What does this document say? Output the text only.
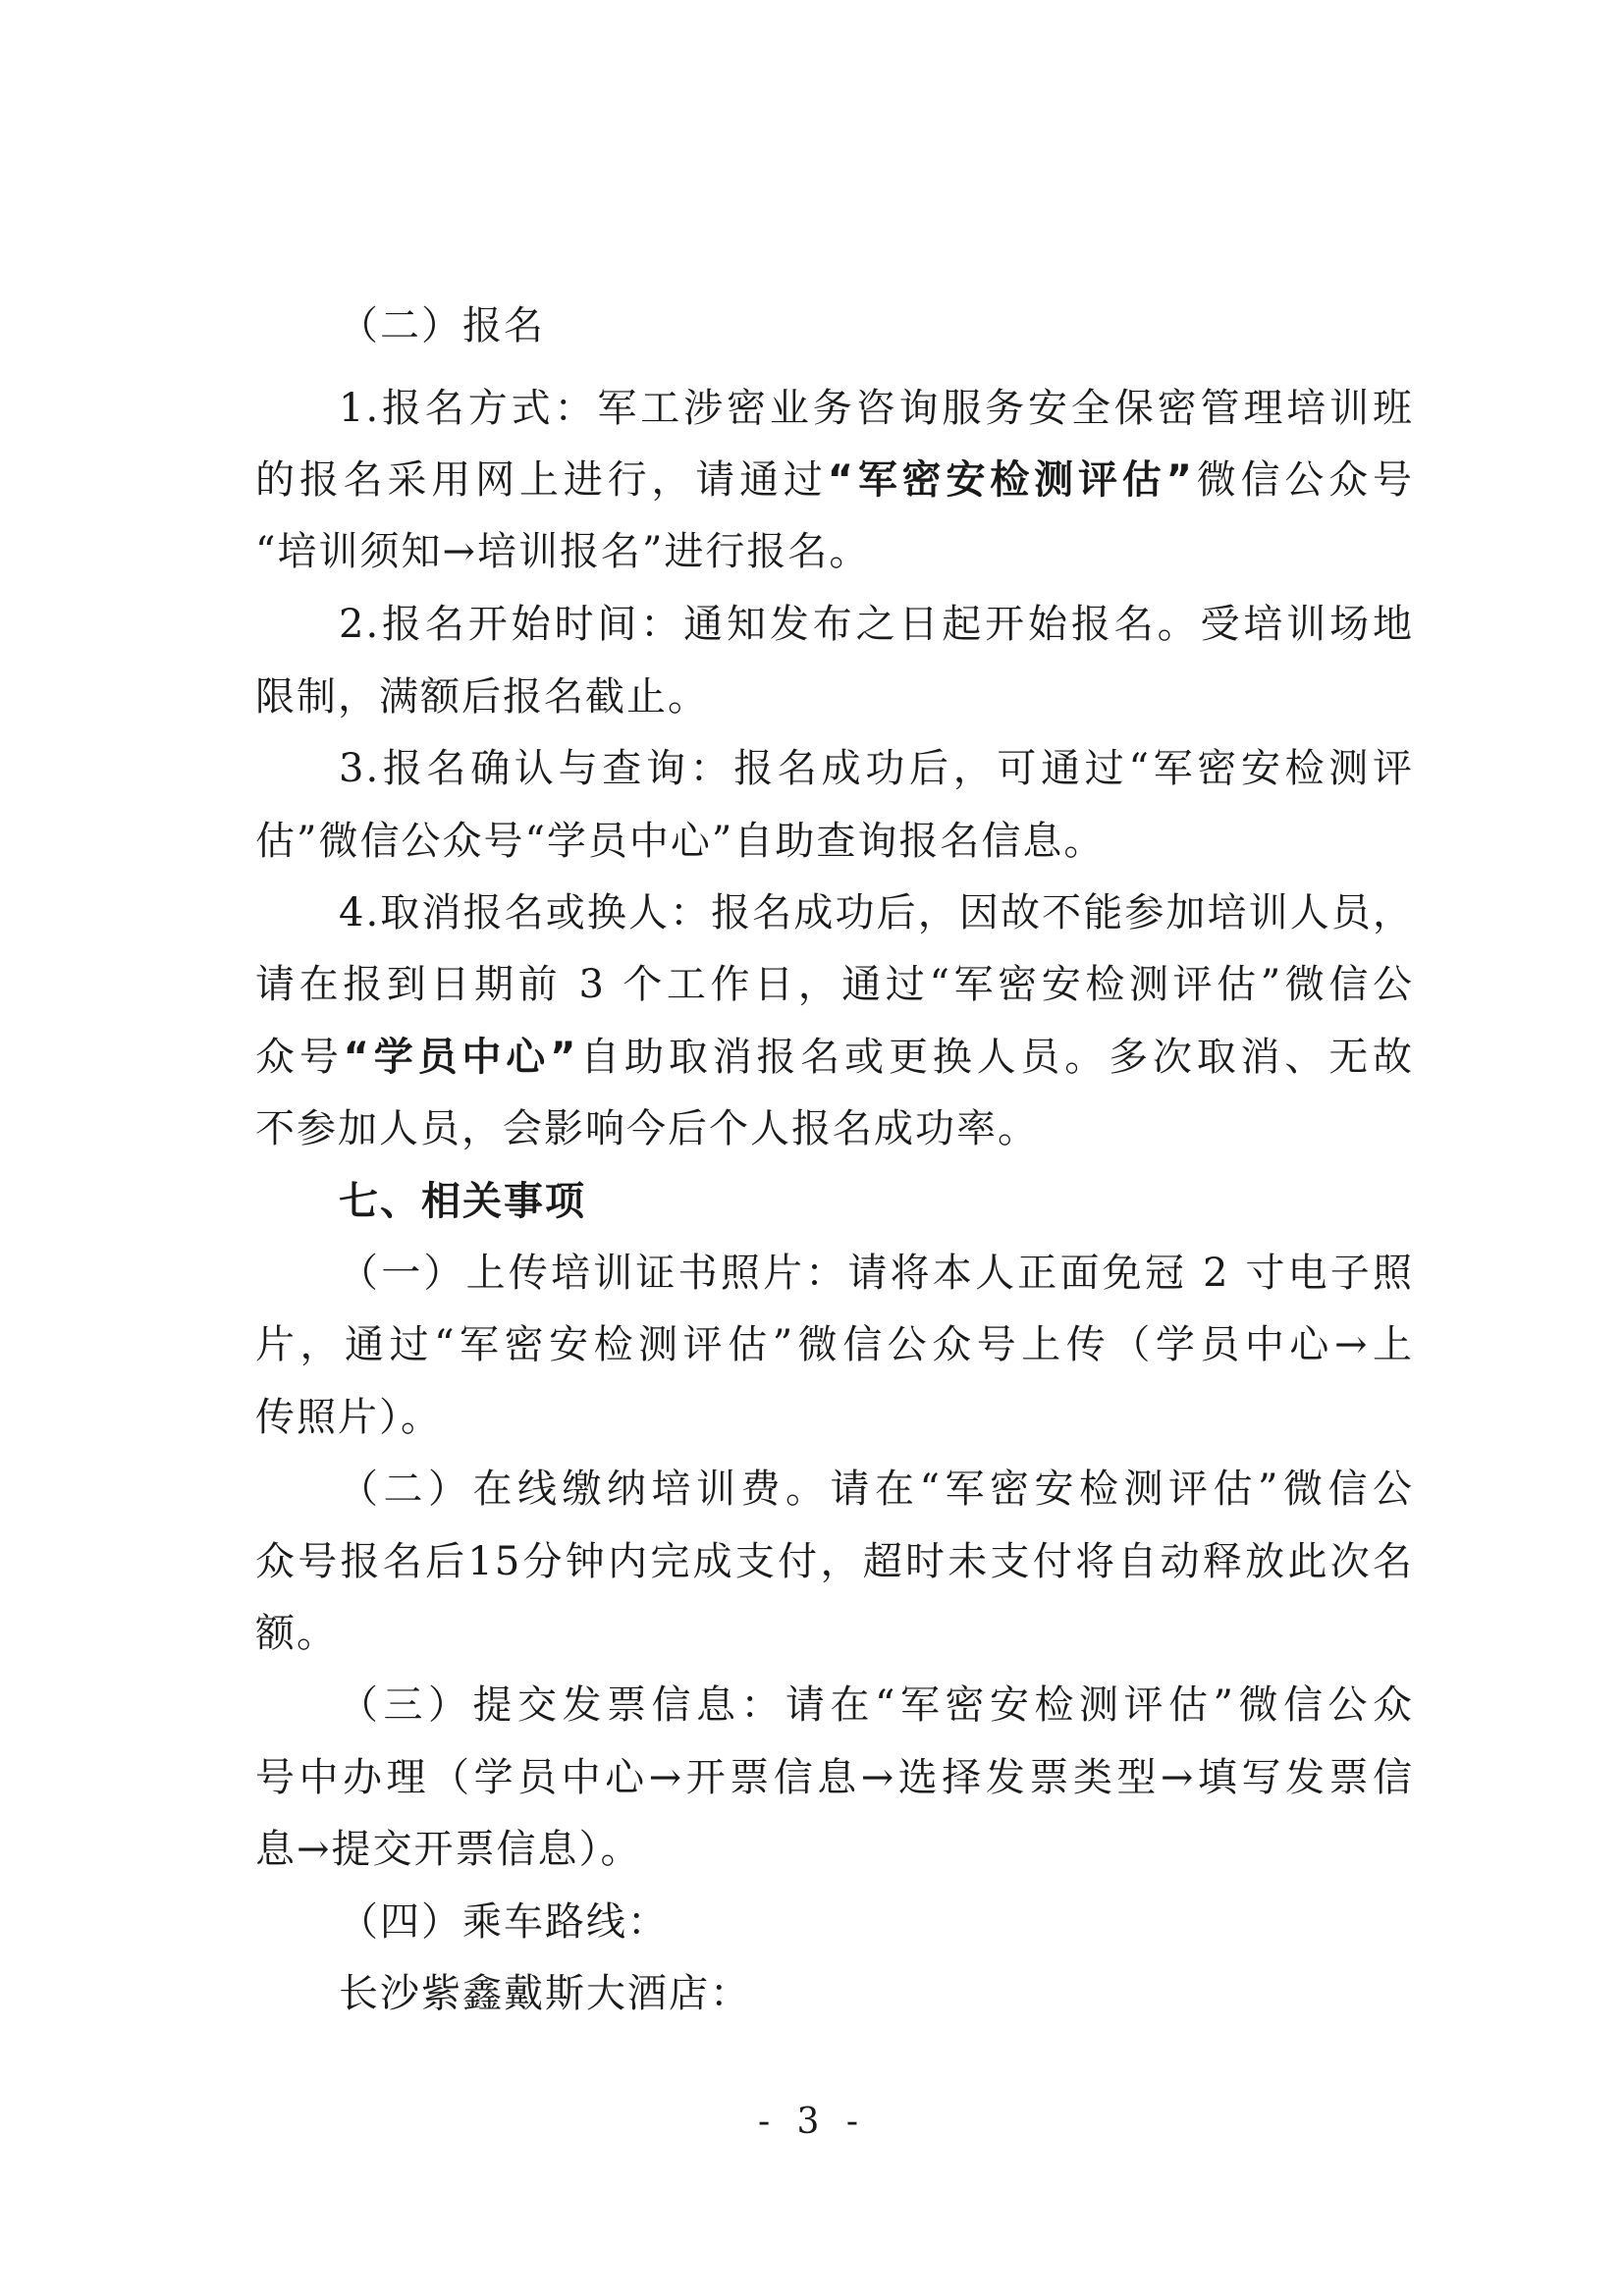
（二）报名
1.报名方式：军工涉密业务咨询服务安全保密管理培训班
的报名采用网上进行，请通过“军密安检测评估”微信公众号
“培训须知→培训报名”进行报名。
2.报名开始时间：通知发布之日起开始报名。受培训场地
限制，满额后报名截止。
3.报名确认与查询：报名成功后，可通过“军密安检测评
估”微信公众号“学员中心”自助查询报名信息。
4.取消报名或换人：报名成功后，因故不能参加培训人员，
请在报到日期前 3 个工作日，通过“军密安检测评估”微信公
众号“学员中心”自助取消报名或更换人员。多次取消、无故
不参加人员，会影响今后个人报名成功率。
七、相关事项
（一）上传培训证书照片：请将本人正面免冠 2 寸电子照
片，通过“军密安检测评估”微信公众号上传（学员中心→上
传照片）。
（二）在线缴纳培训费。请在“军密安检测评估”微信公
众号报名后15分钟内完成支付，超时未支付将自动释放此次名
额。
（三）提交发票信息：请在“军密安检测评估”微信公众
号中办理（学员中心→开票信息→选择发票类型→填写发票信
息→提交开票信息）。
（四）乘车路线：
长沙紫鑫戴斯大酒店：
- 3 -
